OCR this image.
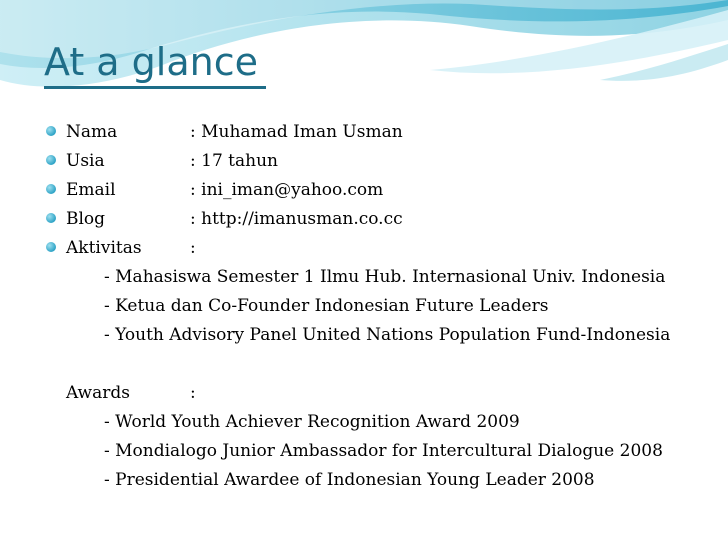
At a glance
Nama	: Muhamad Iman Usman
Usia	: 17 tahun
Email	: ini_iman@yahoo.com
Blog	: http://imanusman.co.cc
Aktivitas	:
- Mahasiswa Semester 1 Ilmu Hub. Internasional Univ. Indonesia
- Ketua dan Co-Founder Indonesian Future Leaders
- Youth Advisory Panel United Nations Population Fund-Indonesia
Awards	:
- World Youth Achiever Recognition Award 2009
- Mondialogo Junior Ambassador for Intercultural Dialogue 2008
- Presidential Awardee of Indonesian Young Leader 2008
